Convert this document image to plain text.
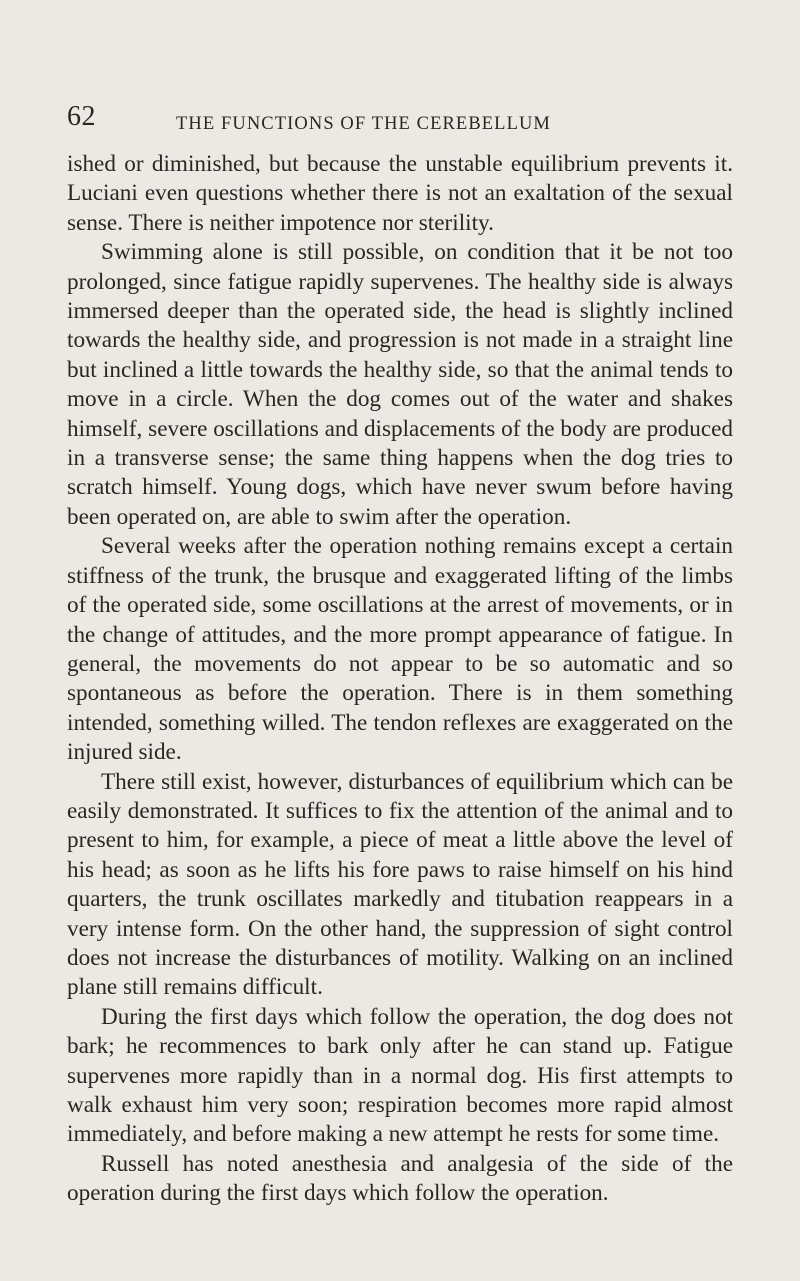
62	THE FUNCTIONS OF THE CEREBELLUM

ished or diminished, but because the unstable equilibrium prevents it. Luciani even questions whether there is not an exaltation of the sexual sense. There is neither impotence nor sterility.

Swimming alone is still possible, on condition that it be not too prolonged, since fatigue rapidly supervenes. The healthy side is always immersed deeper than the operated side, the head is slightly inclined towards the healthy side, and progression is not made in a straight line but inclined a little towards the healthy side, so that the animal tends to move in a circle. When the dog comes out of the water and shakes himself, severe oscillations and displacements of the body are produced in a transverse sense; the same thing happens when the dog tries to scratch himself. Young dogs, which have never swum before having been operated on, are able to swim after the operation.

Several weeks after the operation nothing remains except a certain stiffness of the trunk, the brusque and exaggerated lifting of the limbs of the operated side, some oscillations at the arrest of movements, or in the change of attitudes, and the more prompt appearance of fatigue. In general, the movements do not appear to be so automatic and so spontaneous as before the operation. There is in them something intended, something willed. The tendon reflexes are exaggerated on the injured side.

There still exist, however, disturbances of equilibrium which can be easily demonstrated. It suffices to fix the attention of the animal and to present to him, for example, a piece of meat a little above the level of his head; as soon as he lifts his fore paws to raise himself on his hind quarters, the trunk oscillates markedly and titubation reappears in a very intense form. On the other hand, the suppression of sight control does not increase the disturbances of motility. Walking on an inclined plane still remains difficult.

During the first days which follow the operation, the dog does not bark; he recommences to bark only after he can stand up. Fatigue supervenes more rapidly than in a normal dog. His first attempts to walk exhaust him very soon; respiration becomes more rapid almost immediately, and before making a new attempt he rests for some time.

Russell has noted anesthesia and analgesia of the side of the operation during the first days which follow the operation.
